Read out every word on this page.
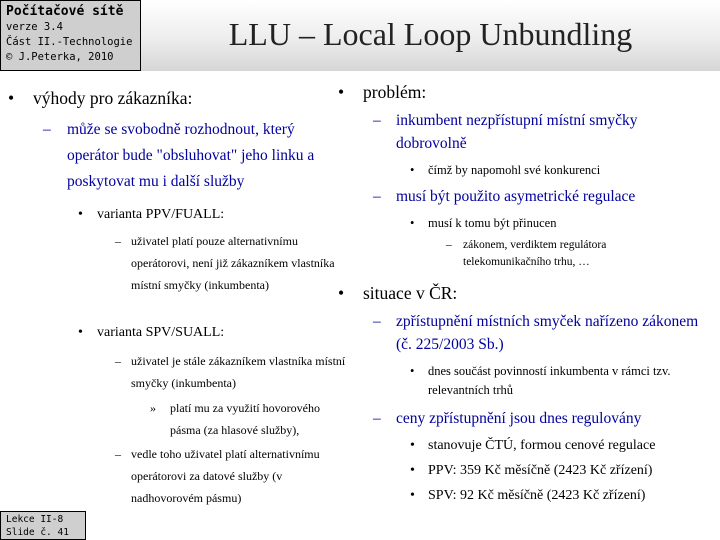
Počítačové sítě
verze 3.4
Část II.-Technologie
© J.Peterka, 2010
LLU – Local Loop Unbundling
• výhody pro zákazníka:
– může se svobodně rozhodnout, který operátor bude "obsluhovat" jeho linku a poskytovat mu i další služby
• varianta PPV/FUALL:
– uživatel platí pouze alternativnímu operátorovi, není již zákazníkem vlastníka místní smyčky (inkumbenta)
• varianta SPV/SUALL:
– uživatel je stále zákazníkem vlastníka místní smyčky (inkumbenta)
» platí mu za využití hovorového pásma (za hlasové služby),
– vedle toho uživatel platí alternativnímu operátorovi za datové služby (v nadhovorovém pásmu)
• problém:
– inkumbent nezpřístupní místní smyčky dobrovolně
• čímž by napomohl své konkurenci
– musí být použito asymetrické regulace
• musí k tomu být přinucen
– zákonem, verdiktem regulátora telekomunikačního trhu, …
• situace v ČR:
– zpřístupnění místních smyček nařízeno zákonem (č. 225/2003 Sb.)
• dnes součást povinností inkumbenta v rámci tzv. relevantních trhů
– ceny zpřístupnění jsou dnes regulovány
• stanovuje ČTÚ, formou cenové regulace
• PPV: 359 Kč měsíčně (2423 Kč zřízení)
• SPV: 92 Kč měsíčně (2423 Kč zřízení)
Lekce II-8
Slide č. 41
